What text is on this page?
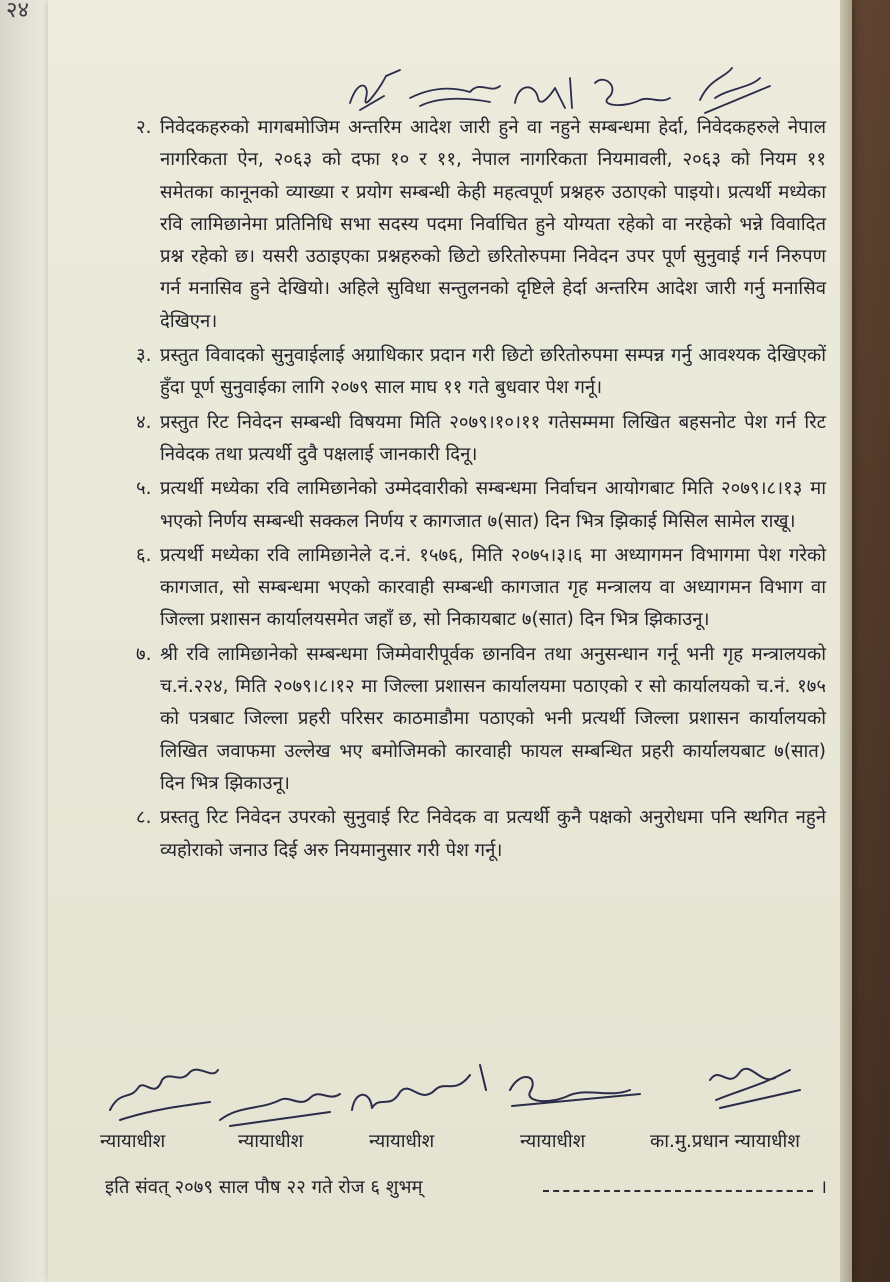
२४
२. निवेदकहरुको मागबमोजिम अन्तरिम आदेश जारी हुने वा नहुने सम्बन्धमा हेर्दा, निवेदकहरुले नेपाल नागरिकता ऐन, २०६३ को दफा १० र ११, नेपाल नागरिकता नियमावली, २०६३ को नियम ११ समेतका कानूनको व्याख्या र प्रयोग सम्बन्धी केही महत्वपूर्ण प्रश्नहरु उठाएको पाइयो। प्रत्यर्थी मध्येका रवि लामिछानेमा प्रतिनिधि सभा सदस्य पदमा निर्वाचित हुने योग्यता रहेको वा नरहेको भन्ने विवादित प्रश्न रहेको छ। यसरी उठाइएका प्रश्नहरुको छिटो छरितोरुपमा निवेदन उपर पूर्ण सुनुवाई गर्न निरुपण गर्न मनासिव हुने देखियो। अहिले सुविधा सन्तुलनको दृष्टिले हेर्दा अन्तरिम आदेश जारी गर्नु मनासिव देखिएन।
३. प्रस्तुत विवादको सुनुवाईलाई अग्राधिकार प्रदान गरी छिटो छरितोरुपमा सम्पन्न गर्नु आवश्यक देखिएकों हुँदा पूर्ण सुनुवाईका लागि २०७९ साल माघ ११ गते बुधवार पेश गर्नू।
४. प्रस्तुत रिट निवेदन सम्बन्धी विषयमा मिति २०७९।१०।११ गतेसम्ममा लिखित बहसनोट पेश गर्न रिट निवेदक तथा प्रत्यर्थी दुवै पक्षलाई जानकारी दिनू।
५. प्रत्यर्थी मध्येका रवि लामिछानेको उम्मेदवारीको सम्बन्धमा निर्वाचन आयोगबाट मिति २०७९।८।१३ मा भएको निर्णय सम्बन्धी सक्कल निर्णय र कागजात ७(सात) दिन भित्र झिकाई मिसिल सामेल राखू।
६. प्रत्यर्थी मध्येका रवि लामिछानेले द.नं. १५७६, मिति २०७५।३।६ मा अध्यागमन विभागमा पेश गरेको कागजात, सो सम्बन्धमा भएको कारवाही सम्बन्धी कागजात गृह मन्त्रालय वा अध्यागमन विभाग वा जिल्ला प्रशासन कार्यालयसमेत जहाँ छ, सो निकायबाट ७(सात) दिन भित्र झिकाउनू।
७. श्री रवि लामिछानेको सम्बन्धमा जिम्मेवारीपूर्वक छानविन तथा अनुसन्धान गर्नू भनी गृह मन्त्रालयको च.नं.२२४, मिति २०७९।८।१२ मा जिल्ला प्रशासन कार्यालयमा पठाएको र सो कार्यालयको च.नं. १७५ को पत्रबाट जिल्ला प्रहरी परिसर काठमाडौमा पठाएको भनी प्रत्यर्थी जिल्ला प्रशासन कार्यालयको लिखित जवाफमा उल्लेख भए बमोजिमको कारवाही फायल सम्बन्धित प्रहरी कार्यालयबाट ७(सात) दिन भित्र झिकाउनू।
८. प्रस्ततु रिट निवेदन उपरको सुनुवाई रिट निवेदक वा प्रत्यर्थी कुनै पक्षको अनुरोधमा पनि स्थगित नहुने व्यहोराको जनाउ दिई अरु नियमानुसार गरी पेश गर्नू।
न्यायाधीश	न्यायाधीश	न्यायाधीश	न्यायाधीश	का.मु.प्रधान न्यायाधीश
इति संवत् २०७९ साल पौष २२ गते रोज ६ शुभम्	।
